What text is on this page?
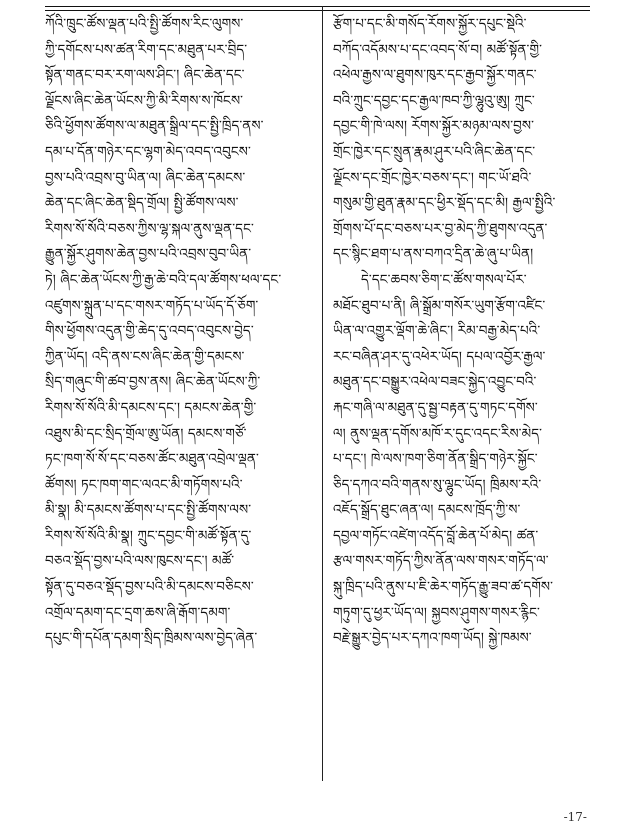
ཀོའི་ཁྲུང་ཚོས་ལྡན་པའི་སྤྱི་ཚོགས་རིང་ལུགས་
ཀྱི་དགོངས་པས་ཚན་རིག་དང་མཐུན་པར་བྲིད་
སྟོན་གནང་བར་རག་ལས་ཤིང་། ཞིང་ཆེན་དང་
ལྗོངས་ཞིང་ཆེན་ཡོངས་ཀྱི་མི་རིགས་ས་ཁོངས་
ཅིའི་ཕྱོགས་ཚོགས་ལ་མཐུན་སྒྲིལ་དང་སྤྱི་ཁྲིད་ནས་
དམ་པ་དོན་གཉེར་དང་ལྷག་མེད་འབད་འབུངས་
བྱས་པའི་འབྲས་བུ་ཡིན་ལ། ཞིང་ཆེན་དམངས་
ཆེན་དང་ཞིང་ཆེན་སྡིད་གྲོལ། སྤྱི་ཚོགས་ལས་
རིགས་སོ་སོའི་བཅས་ཀྱིས་ལྷ་སྐལ་ནུས་ལྡན་དང་
རྒྱུན་སྐྱོར་ཤུགས་ཆེན་བྱས་པའི་འབྲས་བུབ་ཡིན་
ཏེ། ཞིང་ཆེན་ཡོངས་ཀྱི་རྒྱ་ཆེ་བའི་དལ་ཚོགས་ཕལ་དང་
འཛུགས་སྐྲུན་པ་དང་གསར་གཏོད་པ་ཡོད་དོ་ཅོག་
གིས་ཕྱོགས་འདུན་གྱི་ཆེད་དུ་འབད་འབུངས་བྱེད་
ཀྱིན་ཡོད། འདི་ནས་ངས་ཞིང་ཆེན་གྱི་དམངས་
སྲིད་གཞུང་གི་ཚབ་བྱས་ནས། ཞིང་ཆེན་ཡོངས་ཀྱི་
རིགས་སོ་སོའི་མི་དམངས་དང་། དམངས་ཆེན་གྱི་
འཐུས་མི་དང་སྲིད་གྲོལ་ཨུ་ཡོན། དམངས་གཙོ་
ཏང་ཁག་སོ་སོ་དང་བཅས་ཚོང་མཐུན་འབྲེལ་ལྡན་
ཚོགས། ཏང་ཁག་གང་ལའང་མི་གཏོགས་པའི་
མི་སྣ། མི་དམངས་ཚོགས་པ་དང་སྤྱི་ཚོགས་ལས་
རིགས་སོ་སོའི་མི་སྣ། ཀྲུང་དབྱང་གི་མཚོ་སྟོན་དུ་
བཅའ་སྡོད་བྱས་པའི་ལས་ཁུངས་དང་། མཚོ་
སྟོན་དུ་བཅའ་སྡོད་བྱས་པའི་མི་དམངས་བཅིངས་
འགྲོལ་དམག་དང་དྲག་ཆས་ཞི་རྒོག་དམག་
དཔུང་གི་དཔོན་དམག་སྲིད་ཁྲིམས་ལས་བྱེད་ཞེན་
རྩོག་པ་དང་མི་གསོད་རོགས་སྐྱོར་དཔུང་སྡེའི་
བཀོད་འདོམས་པ་དང་འབད་སོ་བ། མཚོ་སྟོན་གྱི་
འཕེལ་རྒྱས་ལ་ཐུགས་ཁུར་དང་རྒྱབ་སྐྱོར་གནང་
བའི་ཀྲུང་དབྱང་དང་རྒྱལ་ཁབ་ཀྱི་ལྷུའུ་ཨུ། ཀྲུང་
དབྱང་གི་ཁེ་ལས། རོགས་སྐྱོར་མཉམ་ལས་བྱས་
གྲོང་ཁྱེར་དང་སྲུན་རྣམ་ཤུར་པའི་ཞིང་ཆེན་དང་
ལྗོངས་དང་གྲོང་ཁྱེར་བཅས་དང་། གང་ཡོ་ཐའི་
གསུམ་གྱི་ཐུན་རྣམ་དང་ཕྱིར་སྡོད་དང་མི། རྒྱལ་སྤྱིའི་
གྲོགས་པོ་དང་བཅས་པར་བྱ་མེད་ཀྱི་ཐུགས་འདུན་
དང་སྙིང་ཐག་པ་ནས་བཀའ་དྲིན་ཆེ་ཞུ་པ་ཡིན།
དེ་དང་ཆབས་ཅིག་ང་ཚོས་གསལ་པོར་
མཐོང་ཐུབ་པ་ནི། ཞི་སྒྲོམ་གསོར་ཡུག་རྩོག་འཛིང་
ཡིན་ལ་འགྱུར་ལྡོག་ཆེ་ཞིང་། རིམ་བརྒྱ་མེད་པའི་
རང་བཞིན་ཤར་དུ་འཕེར་ཡོད། དཔལ་འབྱོར་རྒྱལ་
མཐུན་དང་བསྒྱུར་འཕེལ་བཟང་སྐྱེད་འབྱུང་བའི་
རྐང་གཞི་ལ་མཐུན་དུ་སྦྱ་བརྟན་དུ་གཏང་དགོས་
ལ། ནུས་ལྡན་དགོས་མཁོ་ར་དུང་འདང་རིས་མེད་
པ་དང་། ཁེ་ལས་ཁག་ཅིག་ནོན་སྒྲིད་གཉེར་སྐྱོང་
ཅིད་དཀའ་བའི་གནས་སུ་ལྷུང་ཡོད། ཁྲིམས་རའི་
འཇོད་སྒྲོད་ཐུང་ཞན་ལ། དམངས་ཁྲོད་ཀྱི་ས་
དབྱལ་གཏོང་འཛེག་འདོད་བློ་ཆེན་པོ་མེད། ཚན་
རྩལ་གསར་གཏོད་ཀྱིས་ནོན་ལས་གསར་གཏོད་ལ་
སྐུ་ཁྲིད་པའི་ནུས་པ་ཇི་ཆེར་གཏོད་རྒྱུ་ཟབ་ཚ་དགོས་
གཏུག་དུ་ཕྱར་ཡོད་ལ། སྐྱབས་ཤུགས་གསར་རྙིང་
བརྗེ་སྒྱུར་བྱེད་པར་དཀའ་ཁག་ཡོད། སྐྱེ་ཁམས་
-17-
